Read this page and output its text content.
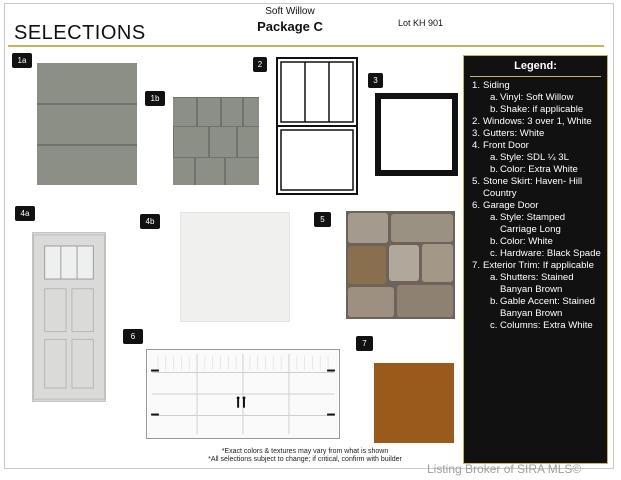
SELECTIONS
Soft Willow
Package C	Lot KH 901
1a
1b
2
3
4a
4b	5
6
7
Legend:
1. Siding
a. Vinyl: Soft Willow
b. Shake: if applicable
2. Windows: 3 over 1, White
3. Gutters: White
4. Front Door
a. Style: SDL ¼ 3L
b. Color: Extra White
5. Stone Skirt: Haven- Hill Country
6. Garage Door
a. Style: Stamped Carriage Long
b. Color: White
c. Hardware: Black Spade
7. Exterior Trim: If applicable
a. Shutters: Stained Banyan Brown
b. Gable Accent: Stained Banyan Brown
c. Columns: Extra White
*Exact colors & textures may vary from what is shown
*All selections subject to change; if critical, confirm with builder
Listing Broker of SIRA MLS©
